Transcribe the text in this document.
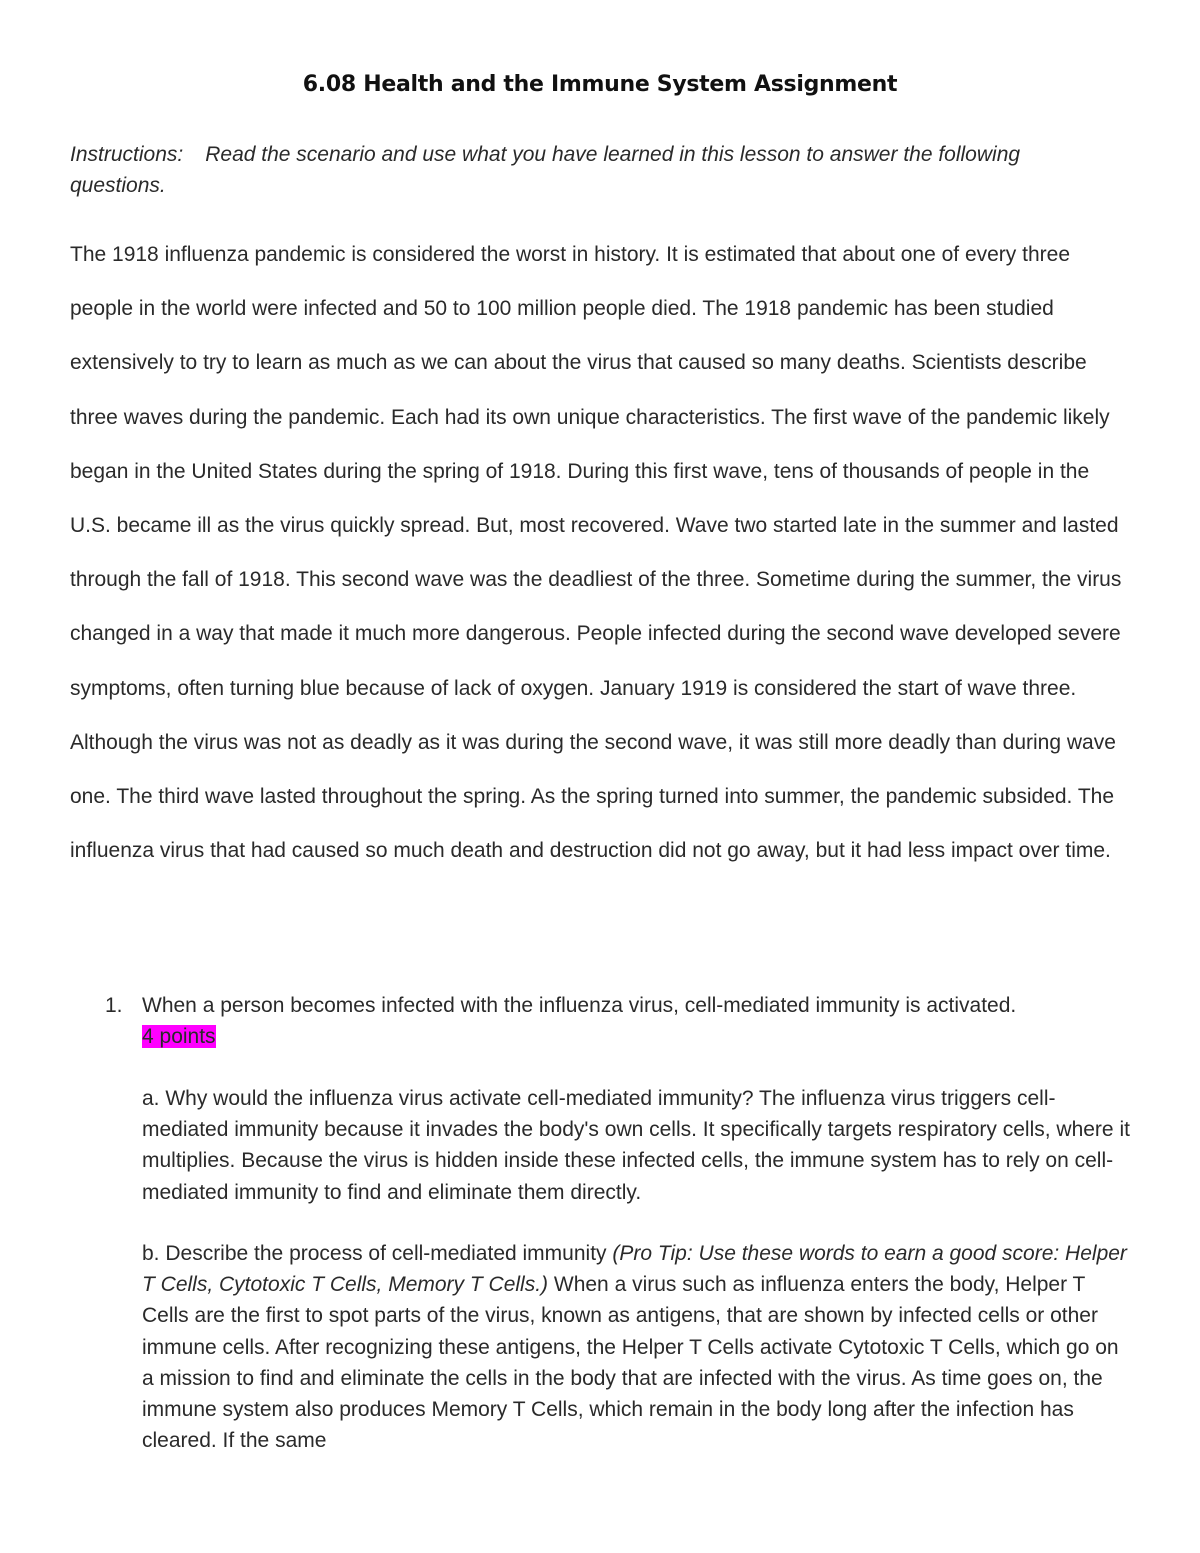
6.08 Health and the Immune System Assignment
Instructions: Read the scenario and use what you have learned in this lesson to answer the following questions.

The 1918 influenza pandemic is considered the worst in history. It is estimated that about one of every three people in the world were infected and 50 to 100 million people died. The 1918 pandemic has been studied extensively to try to learn as much as we can about the virus that caused so many deaths. Scientists describe three waves during the pandemic. Each had its own unique characteristics. The first wave of the pandemic likely began in the United States during the spring of 1918. During this first wave, tens of thousands of people in the U.S. became ill as the virus quickly spread. But, most recovered. Wave two started late in the summer and lasted through the fall of 1918. This second wave was the deadliest of the three. Sometime during the summer, the virus changed in a way that made it much more dangerous. People infected during the second wave developed severe symptoms, often turning blue because of lack of oxygen. January 1919 is considered the start of wave three. Although the virus was not as deadly as it was during the second wave, it was still more deadly than during wave one. The third wave lasted throughout the spring. As the spring turned into summer, the pandemic subsided. The influenza virus that had caused so much death and destruction did not go away, but it had less impact over time.

1. When a person becomes infected with the influenza virus, cell-mediated immunity is activated.
4 points
a. Why would the influenza virus activate cell-mediated immunity? The influenza virus triggers cell-mediated immunity because it invades the body's own cells. It specifically targets respiratory cells, where it multiplies. Because the virus is hidden inside these infected cells, the immune system has to rely on cell-mediated immunity to find and eliminate them directly.
b. Describe the process of cell-mediated immunity (Pro Tip: Use these words to earn a good score: Helper T Cells, Cytotoxic T Cells, Memory T Cells.) When a virus such as influenza enters the body, Helper T Cells are the first to spot parts of the virus, known as antigens, that are shown by infected cells or other immune cells. After recognizing these antigens, the Helper T Cells activate Cytotoxic T Cells, which go on a mission to find and eliminate the cells in the body that are infected with the virus. As time goes on, the immune system also produces Memory T Cells, which remain in the body long after the infection has cleared. If the same
